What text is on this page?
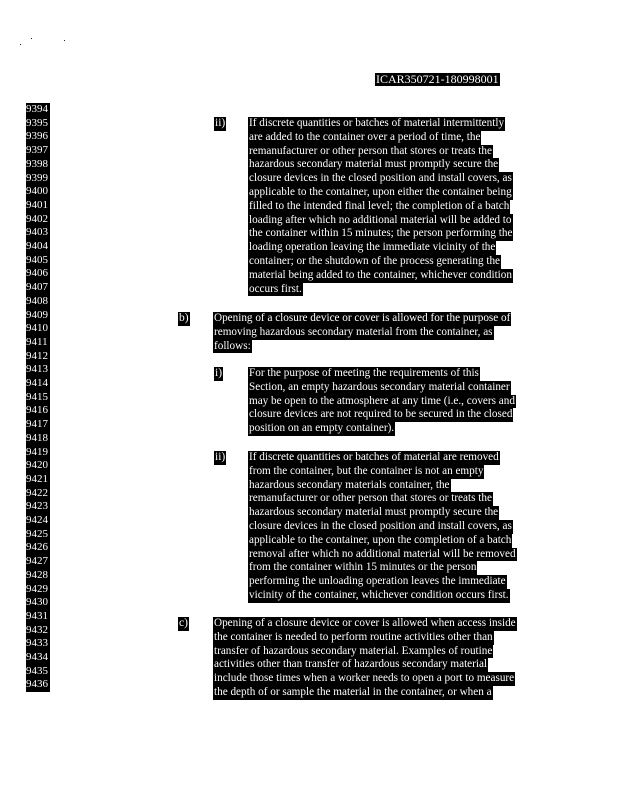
ICAR350721-180998001
9394
9395
9396
9397
9398
9399
9400
9401
9402
9403
9404
9405
9406
9407
9408
9409
9410
9411
9412
9413
9414
9415
9416
9417
9418
9419
9420
9421
9422
9423
9424
9425
9426
9427
9428
9429
9430
9431
9432
9433
9434
9435
9436
ii) If discrete quantities or batches of material intermittently
are added to the container over a period of time, the
remanufacturer or other person that stores or treats the
hazardous secondary material must promptly secure the
closure devices in the closed position and install covers, as
applicable to the container, upon either the container being
filled to the intended final level; the completion of a batch
loading after which no additional material will be added to
the container within 15 minutes; the person performing the
loading operation leaving the immediate vicinity of the
container; or the shutdown of the process generating the
material being added to the container, whichever condition
occurs first.
b) Opening of a closure device or cover is allowed for the purpose of
removing hazardous secondary material from the container, as
follows:
i) For the purpose of meeting the requirements of this
Section, an empty hazardous secondary material container
may be open to the atmosphere at any time (i.e., covers and
closure devices are not required to be secured in the closed
position on an empty container).
ii) If discrete quantities or batches of material are removed
from the container, but the container is not an empty
hazardous secondary materials container, the
remanufacturer or other person that stores or treats the
hazardous secondary material must promptly secure the
closure devices in the closed position and install covers, as
applicable to the container, upon the completion of a batch
removal after which no additional material will be removed
from the container within 15 minutes or the person
performing the unloading operation leaves the immediate
vicinity of the container, whichever condition occurs first.
c) Opening of a closure device or cover is allowed when access inside
the container is needed to perform routine activities other than
transfer of hazardous secondary material. Examples of routine
activities other than transfer of hazardous secondary material
include those times when a worker needs to open a port to measure
the depth of or sample the material in the container, or when a
